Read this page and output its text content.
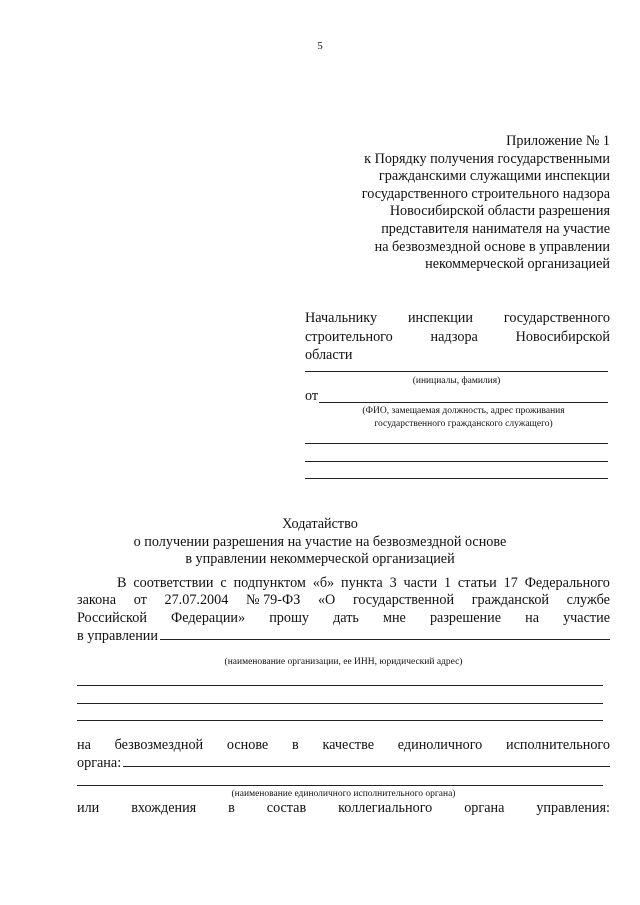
5
Приложение № 1
к Порядку получения государственными
гражданскими служащими инспекции
государственного строительного надзора
Новосибирской области разрешения
представителя нанимателя на участие
на безвозмездной основе в управлении
некоммерческой организацией
Начальнику инспекции государственного
строительного	надзора	Новосибирской
области
(инициалы, фамилия)
от
(ФИО, замещаемая должность, адрес проживания
государственного гражданского служащего)
Ходатайство
о получении разрешения на участие на безвозмездной основе
в управлении некоммерческой организацией
В соответствии с подпунктом «б» пункта 3 части 1 статьи 17 Федерального
закона от 27.07.2004 № 79-ФЗ «О государственной гражданской службе
Российской Федерации» прошу дать мне разрешение на участие
в управлении
(наименование организации, ее ИНН, юридический адрес)
на безвозмездной основе в качестве единоличного исполнительного
органа:
(наименование единоличного исполнительного органа)
или вхождения в состав коллегиального органа управления:
